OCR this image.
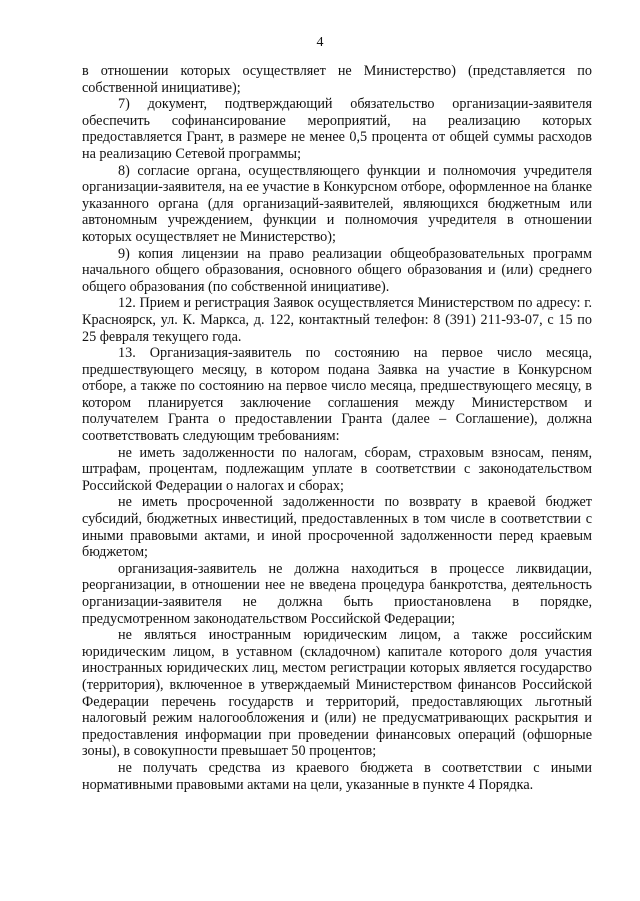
4

в отношении которых осуществляет не Министерство) (представляется по собственной инициативе);

7) документ, подтверждающий обязательство организации-заявителя обеспечить софинансирование мероприятий, на реализацию которых предоставляется Грант, в размере не менее 0,5 процента от общей суммы расходов на реализацию Сетевой программы;

8) согласие органа, осуществляющего функции и полномочия учредителя организации-заявителя, на ее участие в Конкурсном отборе, оформленное на бланке указанного органа (для организаций-заявителей, являющихся бюджетным или автономным учреждением, функции и полномочия учредителя в отношении которых осуществляет не Министерство);

9) копия лицензии на право реализации общеобразовательных программ начального общего образования, основного общего образования и (или) среднего общего образования (по собственной инициативе).

12. Прием и регистрация Заявок осуществляется Министерством по адресу: г. Красноярск, ул. К. Маркса, д. 122, контактный телефон: 8 (391) 211-93-07, с 15 по 25 февраля текущего года.

13. Организация-заявитель по состоянию на первое число месяца, предшествующего месяцу, в котором подана Заявка на участие в Конкурсном отборе, а также по состоянию на первое число месяца, предшествующего месяцу, в котором планируется заключение соглашения между Министерством и получателем Гранта о предоставлении Гранта (далее – Соглашение), должна соответствовать следующим требованиям:

не иметь задолженности по налогам, сборам, страховым взносам, пеням, штрафам, процентам, подлежащим уплате в соответствии с законодательством Российской Федерации о налогах и сборах;

не иметь просроченной задолженности по возврату в краевой бюджет субсидий, бюджетных инвестиций, предоставленных в том числе в соответствии с иными правовыми актами, и иной просроченной задолженности перед краевым бюджетом;

организация-заявитель не должна находиться в процессе ликвидации, реорганизации, в отношении нее не введена процедура банкротства, деятельность организации-заявителя не должна быть приостановлена в порядке, предусмотренном законодательством Российской Федерации;

не являться иностранным юридическим лицом, а также российским юридическим лицом, в уставном (складочном) капитале которого доля участия иностранных юридических лиц, местом регистрации которых является государство (территория), включенное в утверждаемый Министерством финансов Российской Федерации перечень государств и территорий, предоставляющих льготный налоговый режим налогообложения и (или) не предусматривающих раскрытия и предоставления информации при проведении финансовых операций (офшорные зоны), в совокупности превышает 50 процентов;

не получать средства из краевого бюджета в соответствии с иными нормативными правовыми актами на цели, указанные в пункте 4 Порядка.
